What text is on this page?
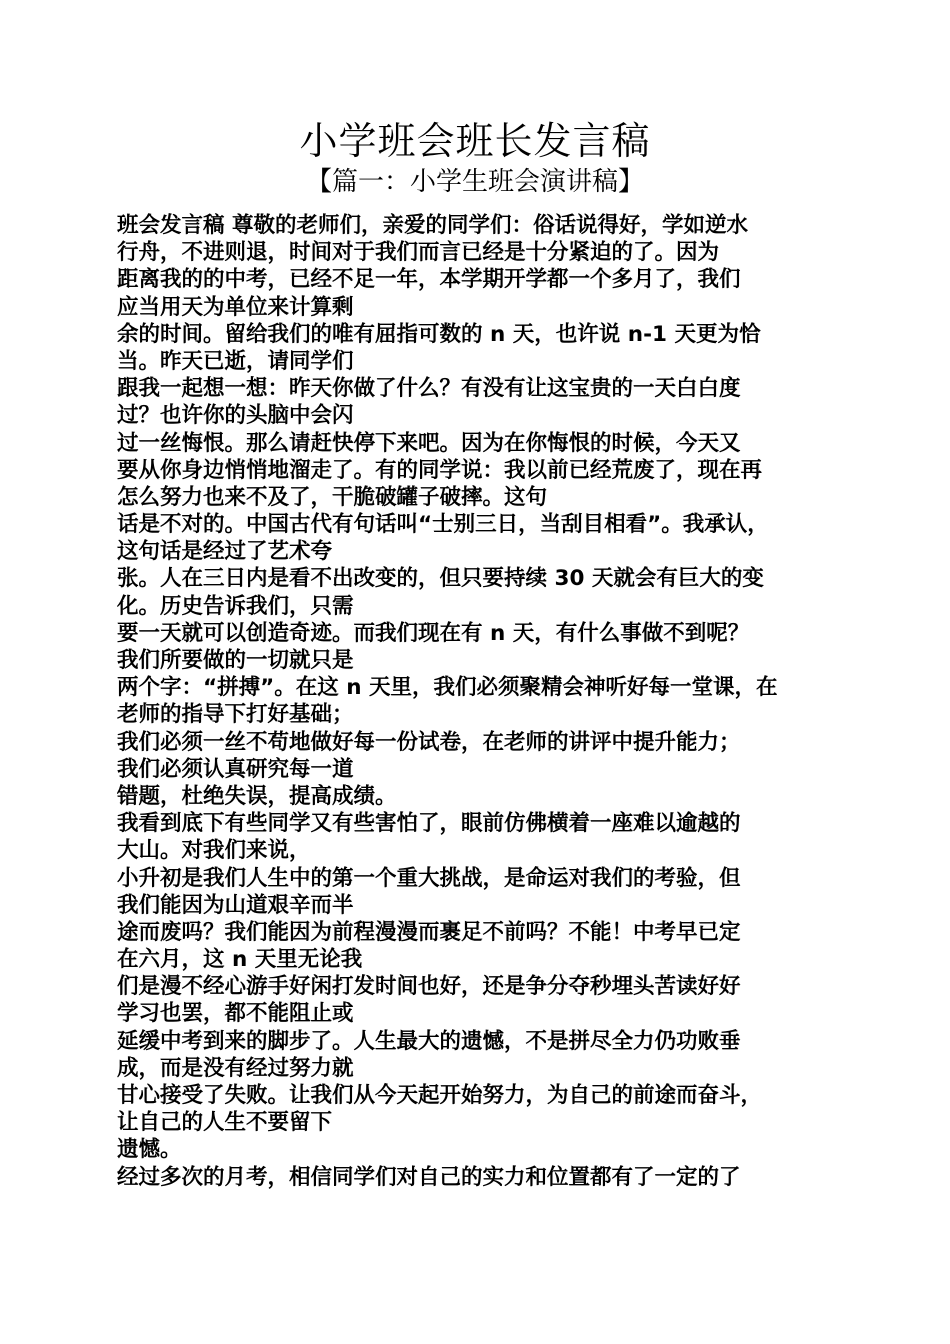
小学班会班长发言稿
【篇一：小学生班会演讲稿】
班会发言稿 尊敬的老师们，亲爱的同学们：俗话说得好，学如逆水
行舟，不进则退，时间对于我们而言已经是十分紧迫的了。因为
距离我的的中考，已经不足一年，本学期开学都一个多月了，我们
应当用天为单位来计算剩
余的时间。留给我们的唯有屈指可数的 n 天，也许说 n-1 天更为恰
当。昨天已逝，请同学们
跟我一起想一想：昨天你做了什么？有没有让这宝贵的一天白白度
过？也许你的头脑中会闪
过一丝悔恨。那么请赶快停下来吧。因为在你悔恨的时候，今天又
要从你身边悄悄地溜走了。有的同学说：我以前已经荒废了，现在再
怎么努力也来不及了，干脆破罐子破摔。这句
话是不对的。中国古代有句话叫“士别三日，当刮目相看”。我承认，
这句话是经过了艺术夸
张。人在三日内是看不出改变的，但只要持续 30 天就会有巨大的变
化。历史告诉我们，只需
要一天就可以创造奇迹。而我们现在有 n 天，有什么事做不到呢？
我们所要做的一切就只是
两个字：“拼搏”。在这 n 天里，我们必须聚精会神听好每一堂课，在
老师的指导下打好基础；
我们必须一丝不苟地做好每一份试卷，在老师的讲评中提升能力；
我们必须认真研究每一道
错题，杜绝失误，提高成绩。
我看到底下有些同学又有些害怕了，眼前仿佛横着一座难以逾越的
大山。对我们来说，
小升初是我们人生中的第一个重大挑战，是命运对我们的考验，但
我们能因为山道艰辛而半
途而废吗？我们能因为前程漫漫而裹足不前吗？不能！中考早已定
在六月，这 n 天里无论我
们是漫不经心游手好闲打发时间也好，还是争分夺秒埋头苦读好好
学习也罢，都不能阻止或
延缓中考到来的脚步了。人生最大的遗憾，不是拼尽全力仍功败垂
成，而是没有经过努力就
甘心接受了失败。让我们从今天起开始努力，为自己的前途而奋斗，
让自己的人生不要留下
遗憾。
经过多次的月考，相信同学们对自己的实力和位置都有了一定的了
